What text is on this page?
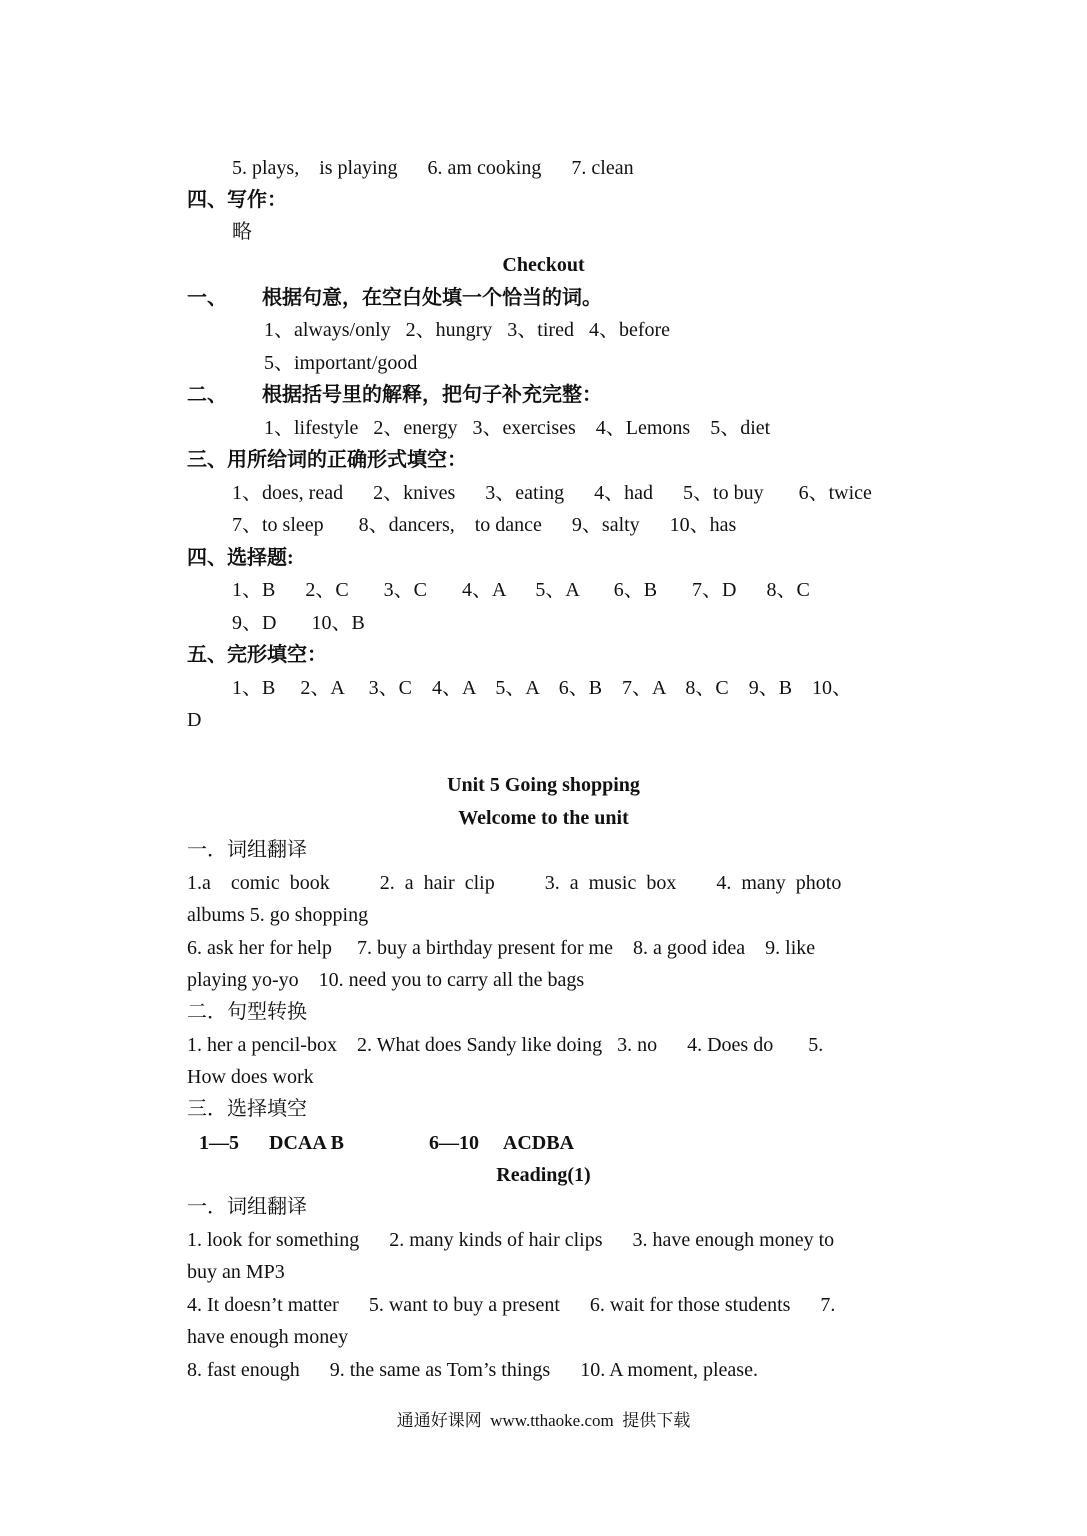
5. plays,    is playing      6. am cooking      7. clean
四、写作：
略
Checkout
一、       根据句意，在空白处填一个恰当的词。
1、always/only   2、hungry   3、tired   4、before
5、important/good
二、       根据括号里的解释，把句子补充完整：
1、lifestyle   2、energy   3、exercises    4、Lemons    5、diet
三、用所给词的正确形式填空：
1、does, read      2、knives      3、eating      4、had      5、to buy       6、twice
7、to sleep       8、dancers,    to dance      9、salty      10、has
四、选择题:
1、B      2、C       3、C       4、A      5、A       6、B       7、D      8、C
9、D       10、B
五、完形填空：
1、B     2、A     3、C    4、A    5、A    6、B    7、A    8、C    9、B    10、
D
Unit 5 Going shopping
Welcome to the unit
一．词组翻译
1.a    comic  book          2.  a  hair  clip          3.  a  music  box        4.  many  photo
albums 5. go shopping
6. ask her for help     7. buy a birthday present for me    8. a good idea    9. like
playing yo-yo    10. need you to carry all the bags
二．句型转换
1. her a pencil-box    2. What does Sandy like doing   3. no      4. Does do       5.
How does work
三．选择填空
1—5      DCAA B                 6—10     ACDBA
Reading(1)
一．词组翻译
1. look for something      2. many kinds of hair clips      3. have enough money to
buy an MP3
4. It doesn’t matter      5. want to buy a present      6. wait for those students      7.
have enough money
8. fast enough      9. the same as Tom’s things      10. A moment, please.
通通好课网  www.tthaoke.com  提供下载
